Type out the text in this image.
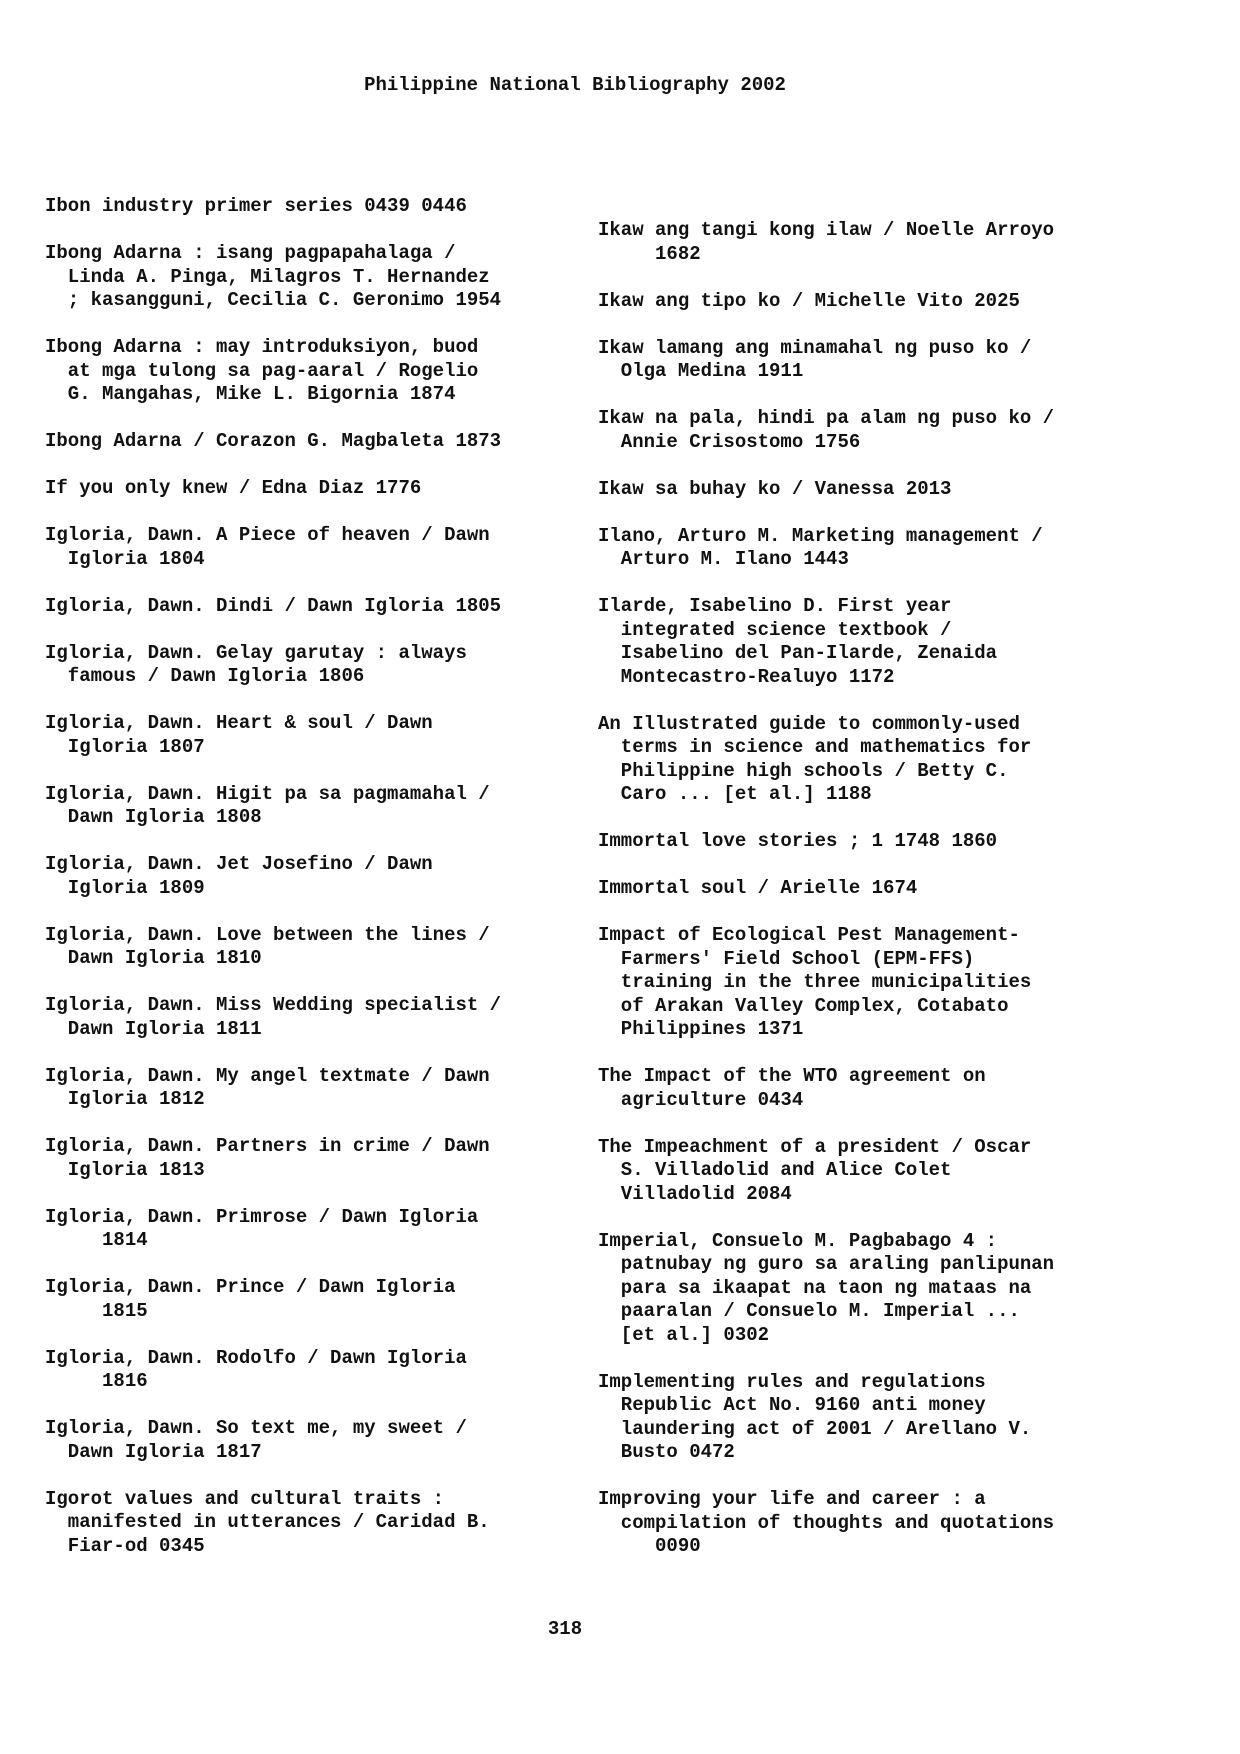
Philippine National Bibliography 2002
Ibon industry primer series 0439 0446
Ibong Adarna : isang pagpapahalaga /
Linda A. Pinga, Milagros T. Hernandez
; kasangguni, Cecilia C. Geronimo 1954
Ibong Adarna : may introduksiyon, buod
at mga tulong sa pag-aaral / Rogelio
G. Mangahas, Mike L. Bigornia 1874
Ibong Adarna / Corazon G. Magbaleta 1873
If you only knew / Edna Diaz 1776
Igloria, Dawn. A Piece of heaven / Dawn
Igloria 1804
Igloria, Dawn. Dindi / Dawn Igloria 1805
Igloria, Dawn. Gelay garutay : always
famous / Dawn Igloria 1806
Igloria, Dawn. Heart & soul / Dawn
Igloria 1807
Igloria, Dawn. Higit pa sa pagmamahal /
Dawn Igloria 1808
Igloria, Dawn. Jet Josefino / Dawn
Igloria 1809
Igloria, Dawn. Love between the lines /
Dawn Igloria 1810
Igloria, Dawn. Miss Wedding specialist /
Dawn Igloria 1811
Igloria, Dawn. My angel textmate / Dawn
Igloria 1812
Igloria, Dawn. Partners in crime / Dawn
Igloria 1813
Igloria, Dawn. Primrose / Dawn Igloria
1814
Igloria, Dawn. Prince / Dawn Igloria
1815
Igloria, Dawn. Rodolfo / Dawn Igloria
1816
Igloria, Dawn. So text me, my sweet /
Dawn Igloria 1817
Igorot values and cultural traits :
manifested in utterances / Caridad B.
Fiar-od 0345
Ikaw ang tangi kong ilaw / Noelle Arroyo
1682
Ikaw ang tipo ko / Michelle Vito 2025
Ikaw lamang ang minamahal ng puso ko /
Olga Medina 1911
Ikaw na pala, hindi pa alam ng puso ko /
Annie Crisostomo 1756
Ikaw sa buhay ko / Vanessa 2013
Ilano, Arturo M. Marketing management /
Arturo M. Ilano 1443
Ilarde, Isabelino D. First year
integrated science textbook /
Isabelino del Pan-Ilarde, Zenaida
Montecastro-Realuyo 1172
An Illustrated guide to commonly-used
terms in science and mathematics for
Philippine high schools / Betty C.
Caro ... [et al.] 1188
Immortal love stories ; 1 1748 1860
Immortal soul / Arielle 1674
Impact of Ecological Pest Management-
Farmers' Field School (EPM-FFS)
training in the three municipalities
of Arakan Valley Complex, Cotabato
Philippines 1371
The Impact of the WTO agreement on
agriculture 0434
The Impeachment of a president / Oscar
S. Villadolid and Alice Colet
Villadolid 2084
Imperial, Consuelo M. Pagbabago 4 :
patnubay ng guro sa araling panlipunan
para sa ikaapat na taon ng mataas na
paaralan / Consuelo M. Imperial ...
[et al.] 0302
Implementing rules and regulations
Republic Act No. 9160 anti money
laundering act of 2001 / Arellano V.
Busto 0472
Improving your life and career : a
compilation of thoughts and quotations
0090
318
